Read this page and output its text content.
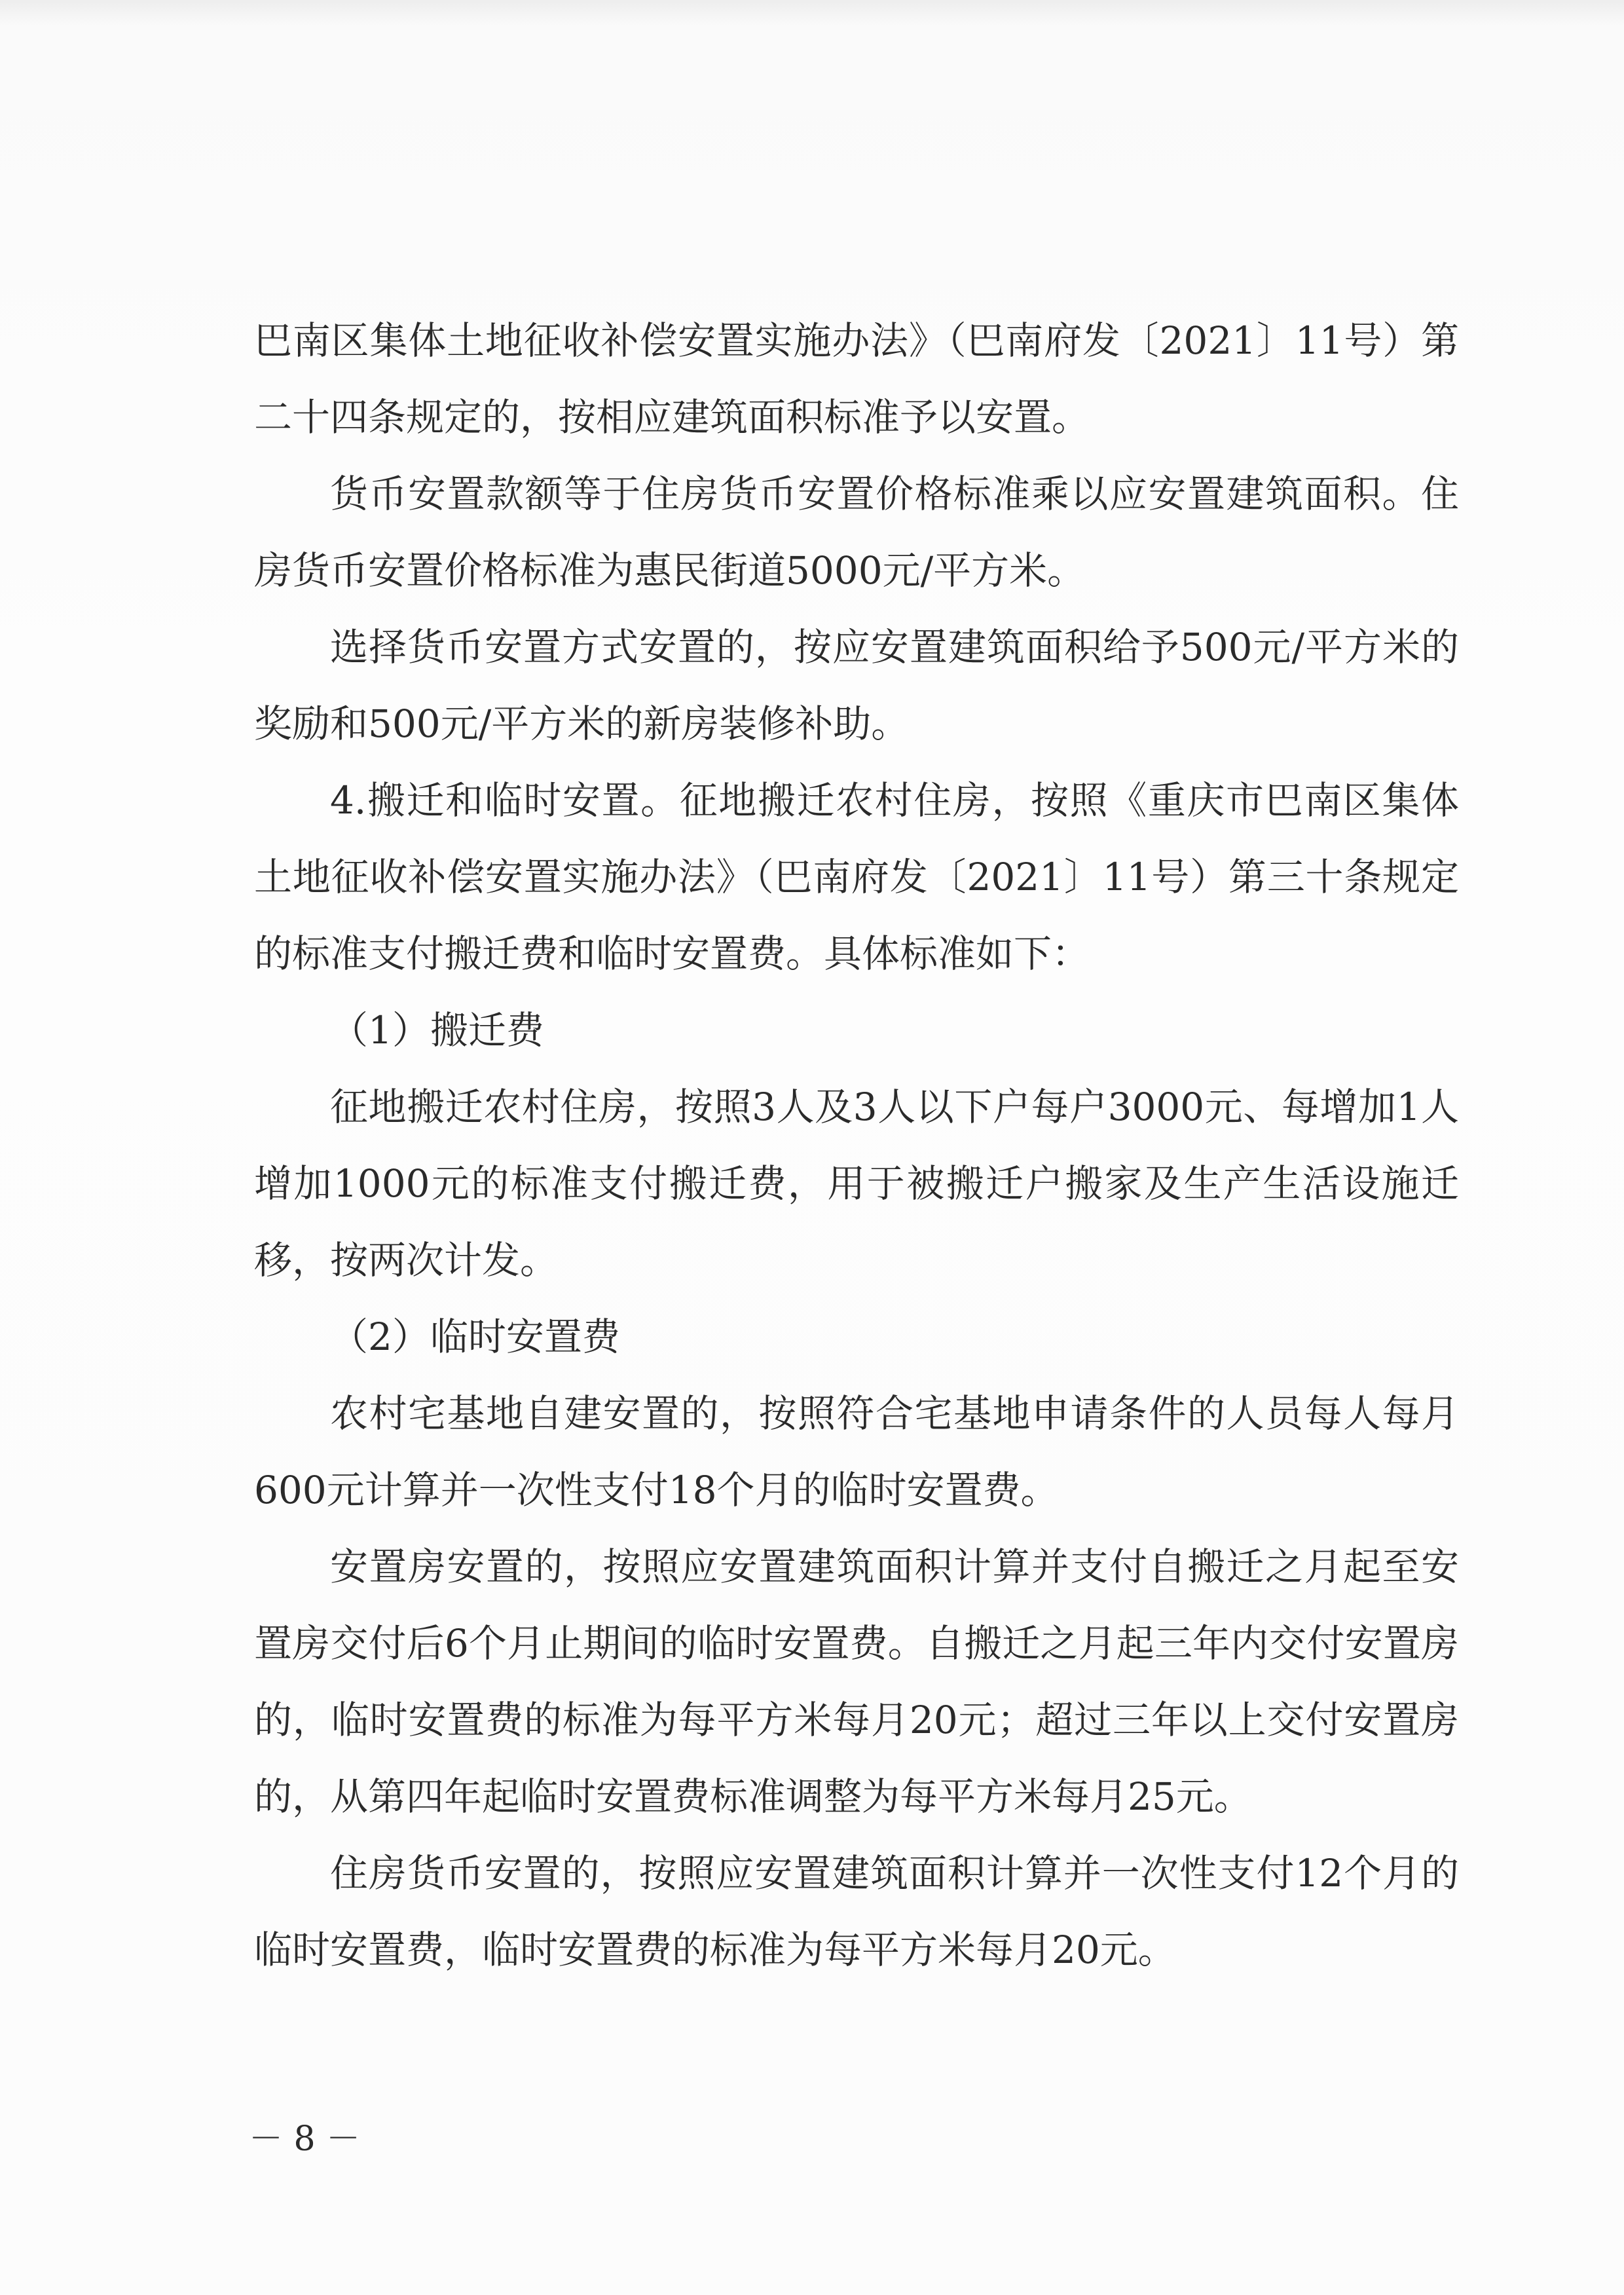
巴南区集体土地征收补偿安置实施办法》（巴南府发〔2021〕11号）第二十四条规定的，按相应建筑面积标准予以安置。

货币安置款额等于住房货币安置价格标准乘以应安置建筑面积。住房货币安置价格标准为惠民街道5000元/平方米。

选择货币安置方式安置的，按应安置建筑面积给予500元/平方米的奖励和500元/平方米的新房装修补助。

4.搬迁和临时安置。征地搬迁农村住房，按照《重庆市巴南区集体土地征收补偿安置实施办法》（巴南府发〔2021〕11号）第三十条规定的标准支付搬迁费和临时安置费。具体标准如下：

（1）搬迁费

征地搬迁农村住房，按照3人及3人以下户每户3000元、每增加1人增加1000元的标准支付搬迁费，用于被搬迁户搬家及生产生活设施迁移，按两次计发。

（2）临时安置费

农村宅基地自建安置的，按照符合宅基地申请条件的人员每人每月600元计算并一次性支付18个月的临时安置费。

安置房安置的，按照应安置建筑面积计算并支付自搬迁之月起至安置房交付后6个月止期间的临时安置费。自搬迁之月起三年内交付安置房的，临时安置费的标准为每平方米每月20元；超过三年以上交付安置房的，从第四年起临时安置费标准调整为每平方米每月25元。

住房货币安置的，按照应安置建筑面积计算并一次性支付12个月的临时安置费，临时安置费的标准为每平方米每月20元。

－ 8 －
